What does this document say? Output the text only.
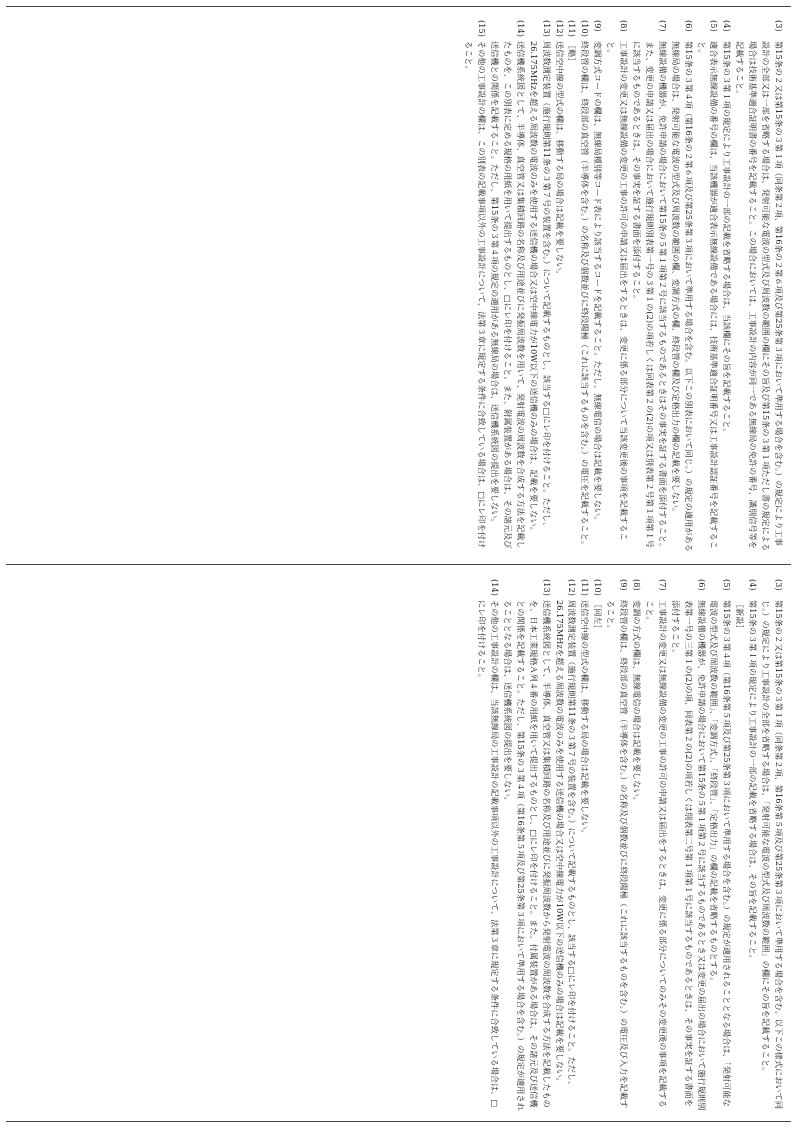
(3)
第15条の２又は第15条の３第１項（同条第２項、第16条の２第６項及び第25条第３項において準用する場合を含む。）の規定により工事設計の全部又は一部を省略する場合は、発射可能な電波の型式及び周波数の範囲の欄にその旨及び第15条の３第１項ただし書の規定による場合は技術基準適合証明書の番号を記載すること。この場合においては、工事設計の内容が同一である無線局の免許の番号、識別信号等を記載すること。
(4)
第15条の３第１項の規定により工事設計の一部の記載を省略する場合は、当該欄にその旨を記載すること。
(5)
適合表示無線設備の番号の欄は、当該機器が適合表示無線設備である場合には、技術基準適合証明番号又は工事設計認証番号を記載すること。
(6)
第15条の３第４項（第16条の２第６項及び第25条第３項において準用する場合を含む。以下この別表において同じ。）の規定の適用がある無線局の場合は、発射可能な電波の型式及び周波数の範囲の欄、変調方式の欄、終段管の欄及び定格出力の欄の記載を要しない。
(7)
無線設備の機器が、免許申請の場合において第15条の５第１項第２号に該当するものであるときはその事実を証する書面を添付すること。また、変更の申請又は届出の場合において施行規則別表第一号の３第１の(2)の項若しくは同表第２の(2)の項又は別表第２号第１項第１号に該当するものであるときは、その事実を証する書面を添付すること。
(8)
工事設計の変更又は無線設備の変更の工事の許可の申請又は届出をするときは、変更に係る部分について当該変更後の事項を記載すること。
(9)
変調方式コードの欄は、無線局種別等コード表により該当するコードを記載すること。ただし、無線電信の場合は記載を要しない。
(10)
終段管の欄は、終段部の真空管（半導体を含む。）の名称及び個数並びに終段陽極（これに該当するものを含む。）の電圧を記載すること。
(11)
［略］
(12)
送信空中線の型式の欄は、移動する局の場合は記載を要しない。
(13)
周波数測定装置（施行規則第11条の３第７号の装置を含む。）について記載するものとし、該当する□にレ印を付けること。ただし、26.175MHzを超える周波数の電波のみを使用する送信機の場合又は空中線電力が10W以下の送信機のみの場合は、記載を要しない。
(14)
送信機系統図として、半導体、真空管又は集積回路の名称及び用途並びに発振周波数を用いて、発射電波の周波数を合成する方法を記載したものを、この別表に定める規格の用紙を用いて提出するものとし、□にレ印を付けること。また、附属装置がある場合は、その諸元及び送信機との関係を記載すること。ただし、第15条の３第４項の規定の適用がある無線局の場合は、送信機系統図の提出を要しない。
(15)
その他の工事設計の欄は、この別表の記載事項以外の工事設計について、法第３章に規定する条件に合致している場合は、□にレ印を付けること。
(3)
第15条の２又は第15条の３第１項（同条第２項、第16条第５項及び第25条第３項において準用する場合を含む。以下この様式において同じ。）の規定により工事設計の全部を省略する場合は、「発射可能な電波の型式及び周波数の範囲」の欄にその旨を記載すること。
(4)
第15条の３第１項の規定により工事設計の一部の記載を省略する場合は、その旨を記載すること。
［新設］
(5)
第15条の３第４項（第16条第５項及び第25条第３項において準用する場合を含む。）の規定が適用されることとなる場合は、「発射可能な電波の型式及び周波数の範囲」、「変調方式」、「終段管」、「定格出力」の欄の記載を省略するものとする。
(6)
無線設備の機器が、免許申請の場合において第15条の５第１項第２号に該当するものであるとき又は変更の届出の場合において施行規則別表第一号の三第１の(2)の項、同表第２の(2)の項若しくは別表第二号第１項第１号に該当するものであるときは、その事実を証する書面を添付すること。
(7)
工事設計の変更又は無線設備の変更の工事の許可の申請又は届出をするときは、変更に係る部分についてのみその変更後の事項を記載すること。
(8)
変調の方式の欄は、無線電信の場合は記載を要しない。
(9)
終段管の欄は、終段部の真空管（半導体を含む。）の名称及び個数並びに終段陽極（これに該当するものを含む。）の電圧及び入力を記載すること。
(10)
［同左］
(11)
送信空中線の型式の欄は、移動する局の場合は記載を要しない。
(12)
周波数測定装置（施行規則第11条の３第７号の装置を含む。）について記載するものとし、該当する□にレ印を付けること。ただし、26.175MHzを超える周波数の電波のみを使用する送信機の場合又は空中線電力が10W以下の送信機のみの場合は記載を要しない。
(13)
送信機系統図として、半導体、真空管又は集積回路の名称及び用途並びに発振周波数から発射電波の周波数を合成する方法を記載したものを、日本工業規格Ａ列４番の用紙を用いて提出するものとし、□にレ印を付けること。また、付属装置がある場合は、その諸元及び送信機との関係を記載すること。ただし、第15条の３第４項（第16条第５項及び第25条第３項において準用する場合を含む。）の規定が適用されることとなる場合は、送信機系統図の提出を要しない。
(14)
その他の工事設計の欄は、当該無線局の工事設計の記載事項以外の工事設計について、法第３章に規定する条件に合致している場合は、□にレ印を付けること。
